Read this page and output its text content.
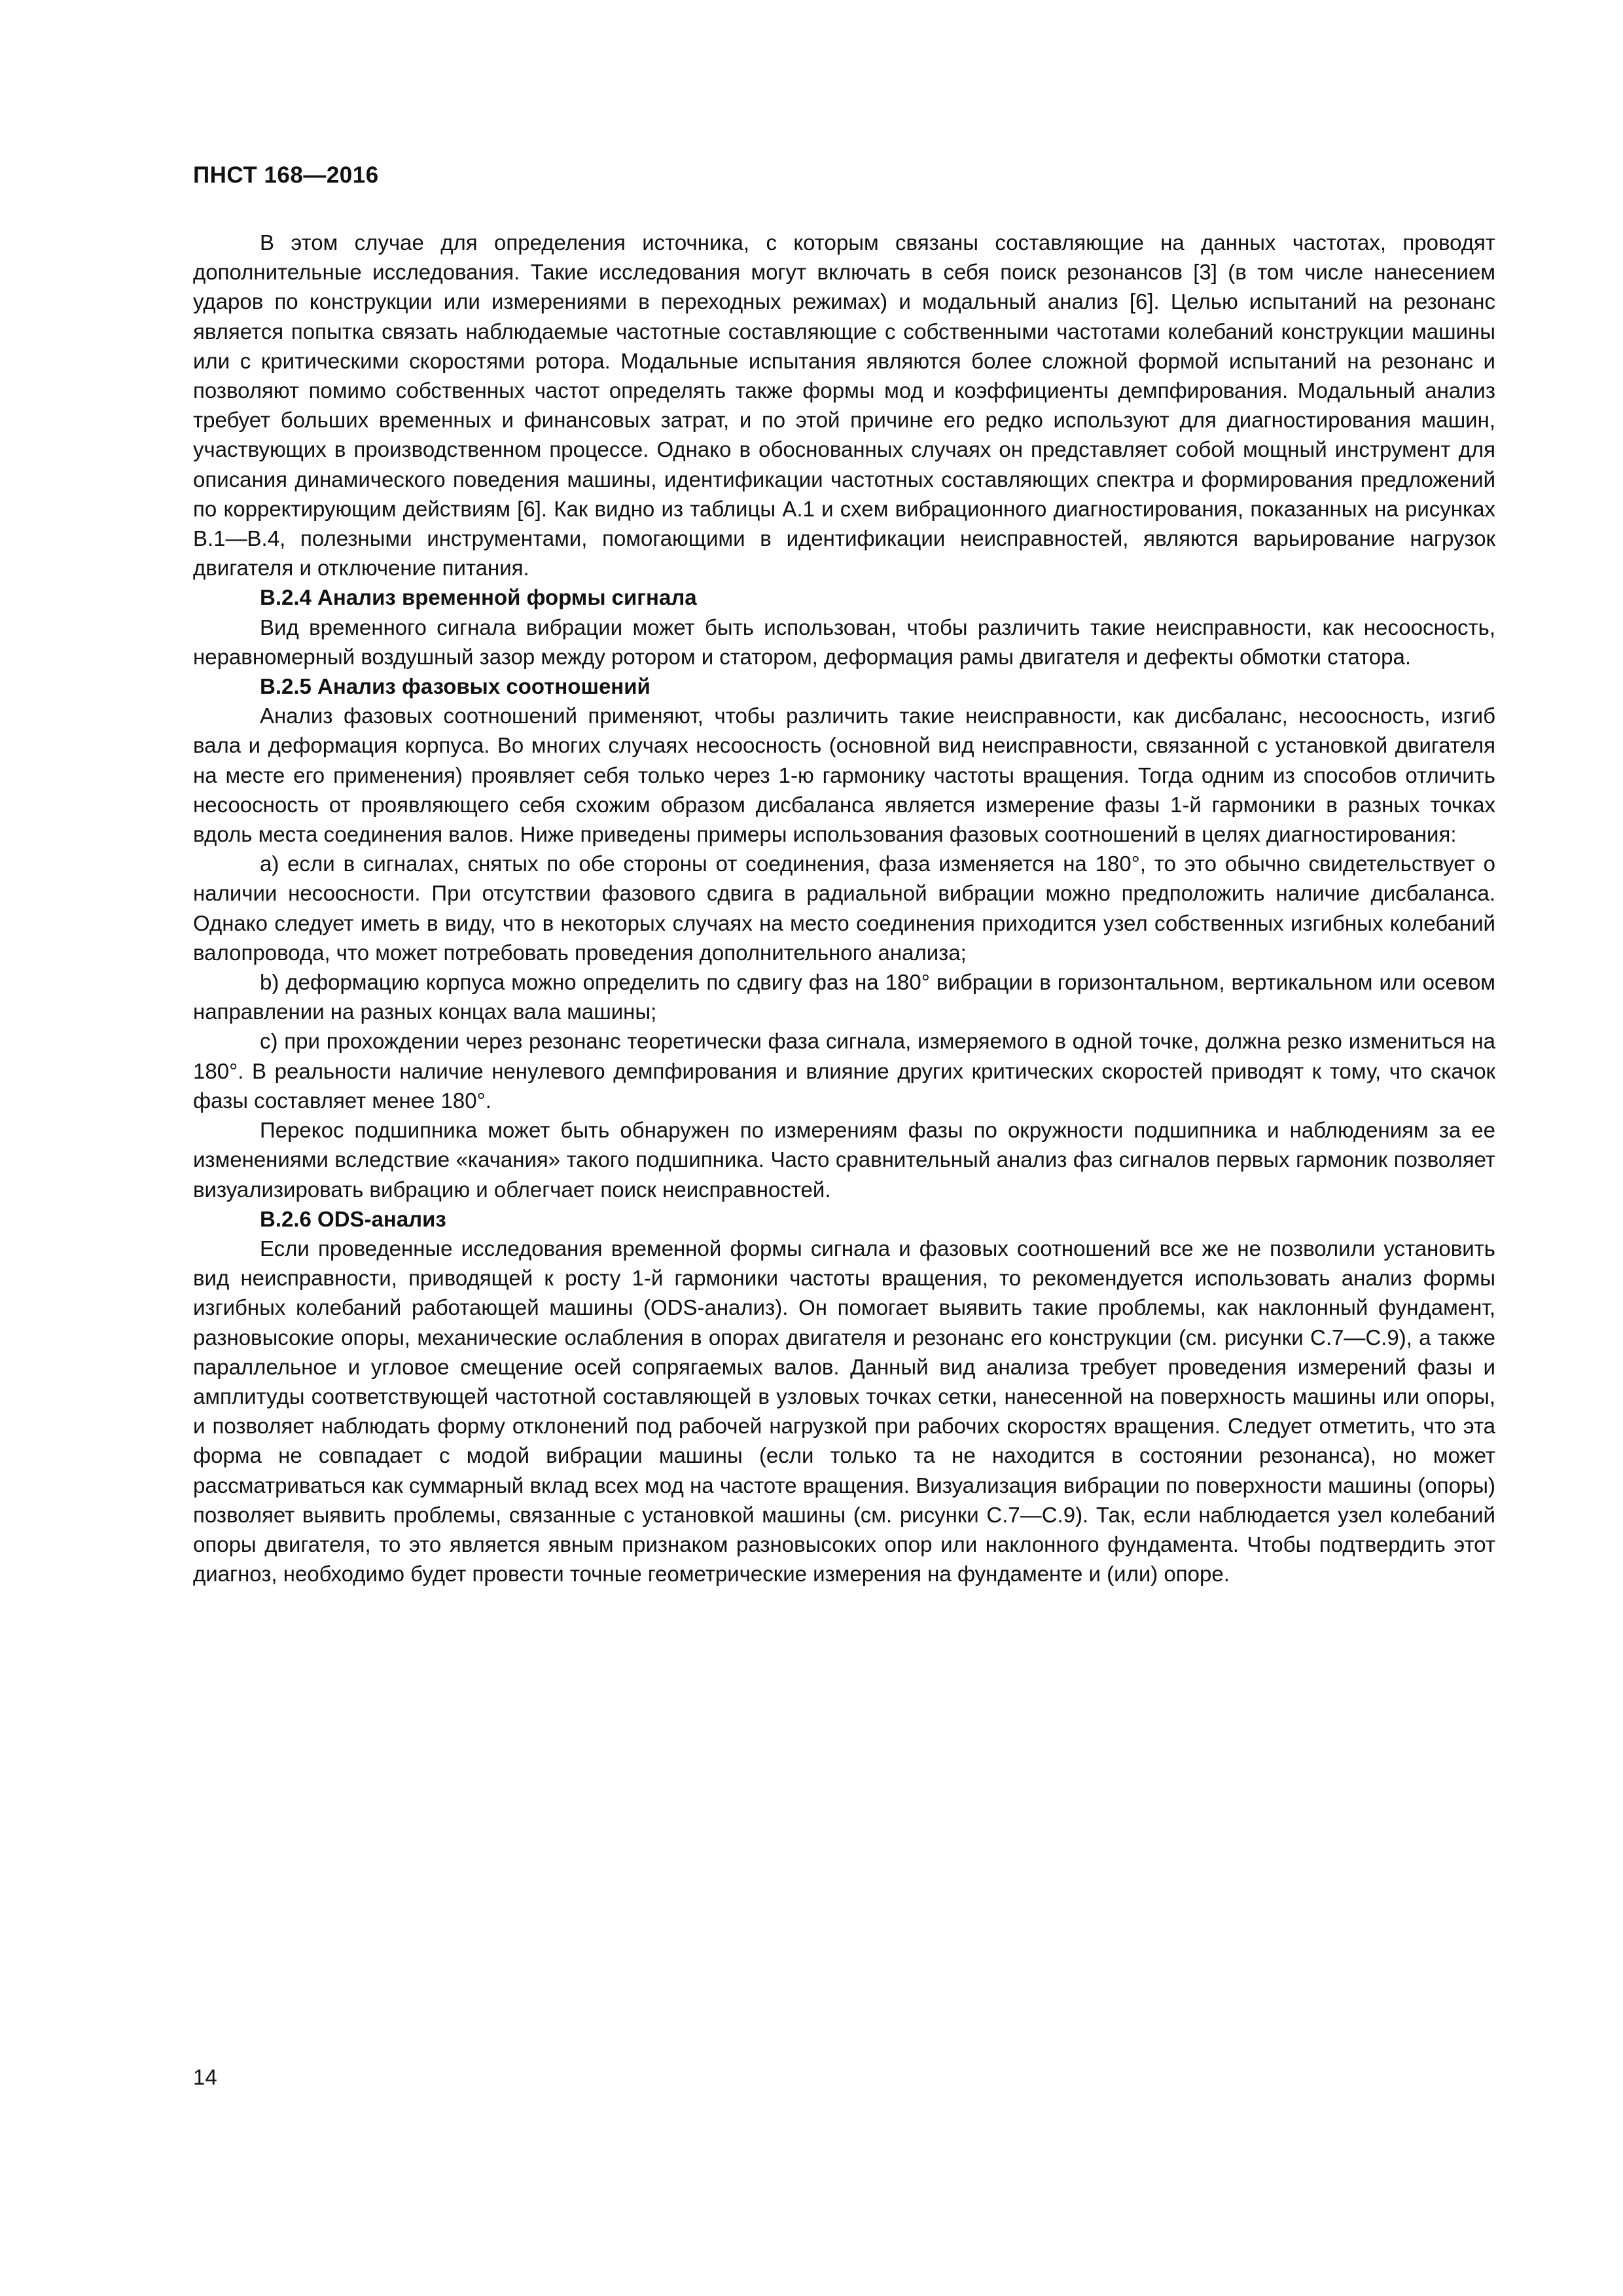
ПНСТ 168—2016

В этом случае для определения источника, с которым связаны составляющие на данных частотах, проводят дополнительные исследования. Такие исследования могут включать в себя поиск резонансов [3] (в том числе нанесением ударов по конструкции или измерениями в переходных режимах) и модальный анализ [6]. Целью испытаний на резонанс является попытка связать наблюдаемые частотные составляющие с собственными частотами колебаний конструкции машины или с критическими скоростями ротора. Модальные испытания являются более сложной формой испытаний на резонанс и позволяют помимо собственных частот определять также формы мод и коэффициенты демпфирования. Модальный анализ требует больших временных и финансовых затрат, и по этой причине его редко используют для диагностирования машин, участвующих в производственном процессе. Однако в обоснованных случаях он представляет собой мощный инструмент для описания динамического поведения машины, идентификации частотных составляющих спектра и формирования предложений по корректирующим действиям [6]. Как видно из таблицы А.1 и схем вибрационного диагностирования, показанных на рисунках В.1—В.4, полезными инструментами, помогающими в идентификации неисправностей, являются варьирование нагрузок двигателя и отключение питания.

В.2.4 Анализ временной формы сигнала

Вид временного сигнала вибрации может быть использован, чтобы различить такие неисправности, как несоосность, неравномерный воздушный зазор между ротором и статором, деформация рамы двигателя и дефекты обмотки статора.

В.2.5 Анализ фазовых соотношений

Анализ фазовых соотношений применяют, чтобы различить такие неисправности, как дисбаланс, несоосность, изгиб вала и деформация корпуса. Во многих случаях несоосность (основной вид неисправности, связанной с установкой двигателя на месте его применения) проявляет себя только через 1-ю гармонику частоты вращения. Тогда одним из способов отличить несоосность от проявляющего себя схожим образом дисбаланса является измерение фазы 1-й гармоники в разных точках вдоль места соединения валов. Ниже приведены примеры использования фазовых соотношений в целях диагностирования:

a) если в сигналах, снятых по обе стороны от соединения, фаза изменяется на 180°, то это обычно свидетельствует о наличии несоосности. При отсутствии фазового сдвига в радиальной вибрации можно предположить наличие дисбаланса. Однако следует иметь в виду, что в некоторых случаях на место соединения приходится узел собственных изгибных колебаний валопровода, что может потребовать проведения дополнительного анализа;

b) деформацию корпуса можно определить по сдвигу фаз на 180° вибрации в горизонтальном, вертикальном или осевом направлении на разных концах вала машины;

c) при прохождении через резонанс теоретически фаза сигнала, измеряемого в одной точке, должна резко измениться на 180°. В реальности наличие ненулевого демпфирования и влияние других критических скоростей приводят к тому, что скачок фазы составляет менее 180°.

Перекос подшипника может быть обнаружен по измерениям фазы по окружности подшипника и наблюдениям за ее изменениями вследствие «качания» такого подшипника. Часто сравнительный анализ фаз сигналов первых гармоник позволяет визуализировать вибрацию и облегчает поиск неисправностей.

В.2.6 ODS-анализ

Если проведенные исследования временной формы сигнала и фазовых соотношений все же не позволили установить вид неисправности, приводящей к росту 1-й гармоники частоты вращения, то рекомендуется использовать анализ формы изгибных колебаний работающей машины (ODS-анализ). Он помогает выявить такие проблемы, как наклонный фундамент, разновысокие опоры, механические ослабления в опорах двигателя и резонанс его конструкции (см. рисунки С.7—С.9), а также параллельное и угловое смещение осей сопрягаемых валов. Данный вид анализа требует проведения измерений фазы и амплитуды соответствующей частотной составляющей в узловых точках сетки, нанесенной на поверхность машины или опоры, и позволяет наблюдать форму отклонений под рабочей нагрузкой при рабочих скоростях вращения. Следует отметить, что эта форма не совпадает с модой вибрации машины (если только та не находится в состоянии резонанса), но может рассматриваться как суммарный вклад всех мод на частоте вращения. Визуализация вибрации по поверхности машины (опоры) позволяет выявить проблемы, связанные с установкой машины (см. рисунки С.7—С.9). Так, если наблюдается узел колебаний опоры двигателя, то это является явным признаком разновысоких опор или наклонного фундамента. Чтобы подтвердить этот диагноз, необходимо будет провести точные геометрические измерения на фундаменте и (или) опоре.

14
